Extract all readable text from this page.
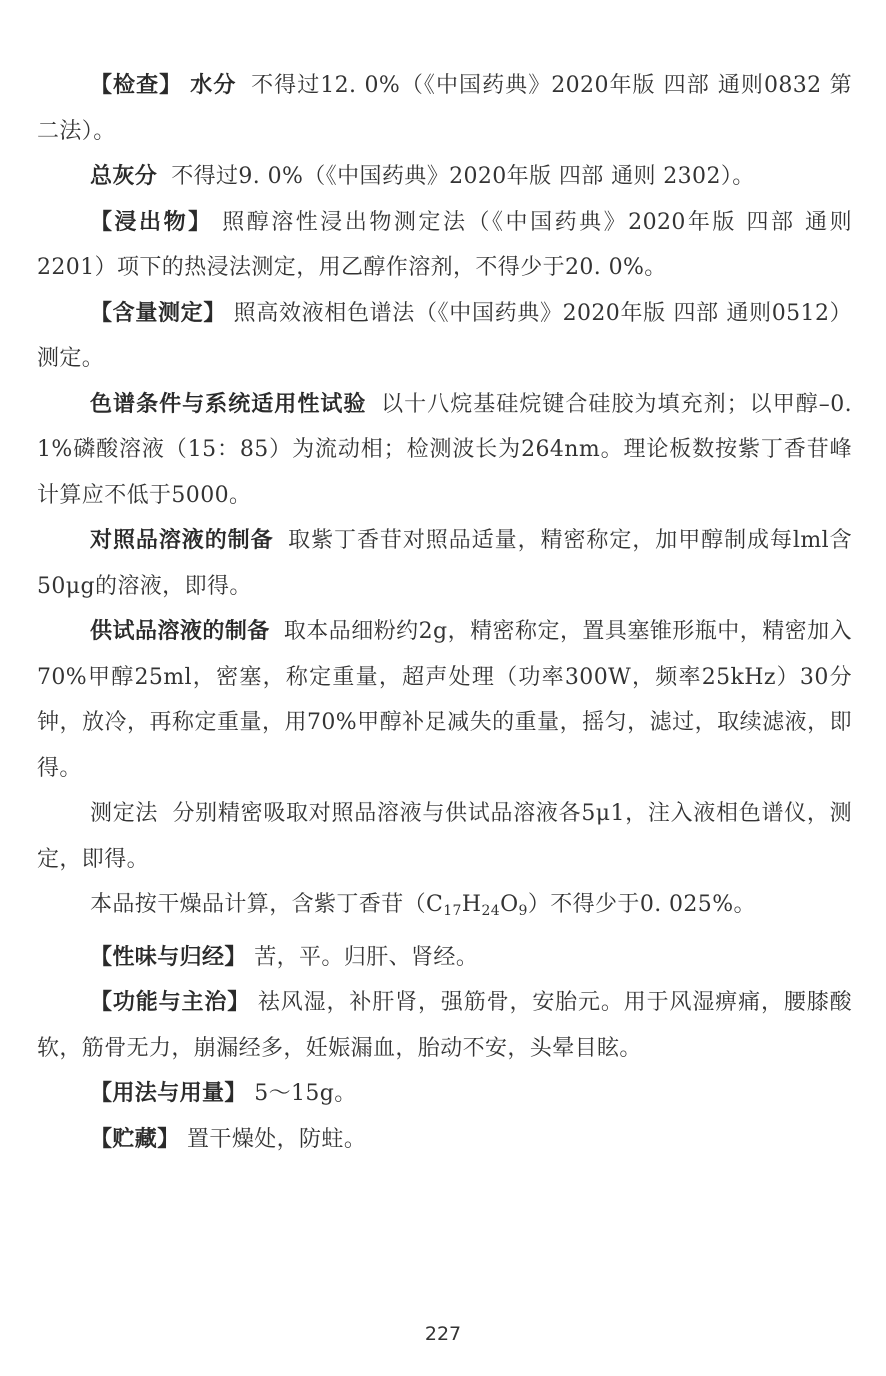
【检查】 水分 不得过12. 0%（《中国药典》2020年版 四部 通则0832 第二法）。

总灰分 不得过9. 0%（《中国药典》2020年版 四部 通则 2302）。

【浸出物】 照醇溶性浸出物测定法（《中国药典》2020年版 四部 通则 2201）项下的热浸法测定，用乙醇作溶剂，不得少于20. 0%。

【含量测定】 照高效液相色谱法（《中国药典》2020年版 四部 通则0512）测定。

色谱条件与系统适用性试验 以十八烷基硅烷键合硅胶为填充剂；以甲醇–0. 1%磷酸溶液（15：85）为流动相；检测波长为264nm。理论板数按紫丁香苷峰计算应不低于5000。

对照品溶液的制备 取紫丁香苷对照品适量，精密称定，加甲醇制成每lml含50μg的溶液，即得。

供试品溶液的制备 取本品细粉约2g，精密称定，置具塞锥形瓶中，精密加入70%甲醇25ml，密塞，称定重量，超声处理（功率300W，频率25kHz）30分钟，放冷，再称定重量，用70%甲醇补足减失的重量，摇匀，滤过，取续滤液，即得。

测定法 分别精密吸取对照品溶液与供试品溶液各5μ1，注入液相色谱仪，测定，即得。

本品按干燥品计算，含紫丁香苷$(C_{17}H_{24}O_9)$不得少于0. 025%。

【性味与归经】 苦，平。归肝、肾经。

【功能与主治】 祛风湿，补肝肾，强筋骨，安胎元。用于风湿痹痛，腰膝酸软，筋骨无力，崩漏经多，妊娠漏血，胎动不安，头晕目眩。

【用法与用量】 5～15g。

【贮藏】 置干燥处，防蛀。

227
